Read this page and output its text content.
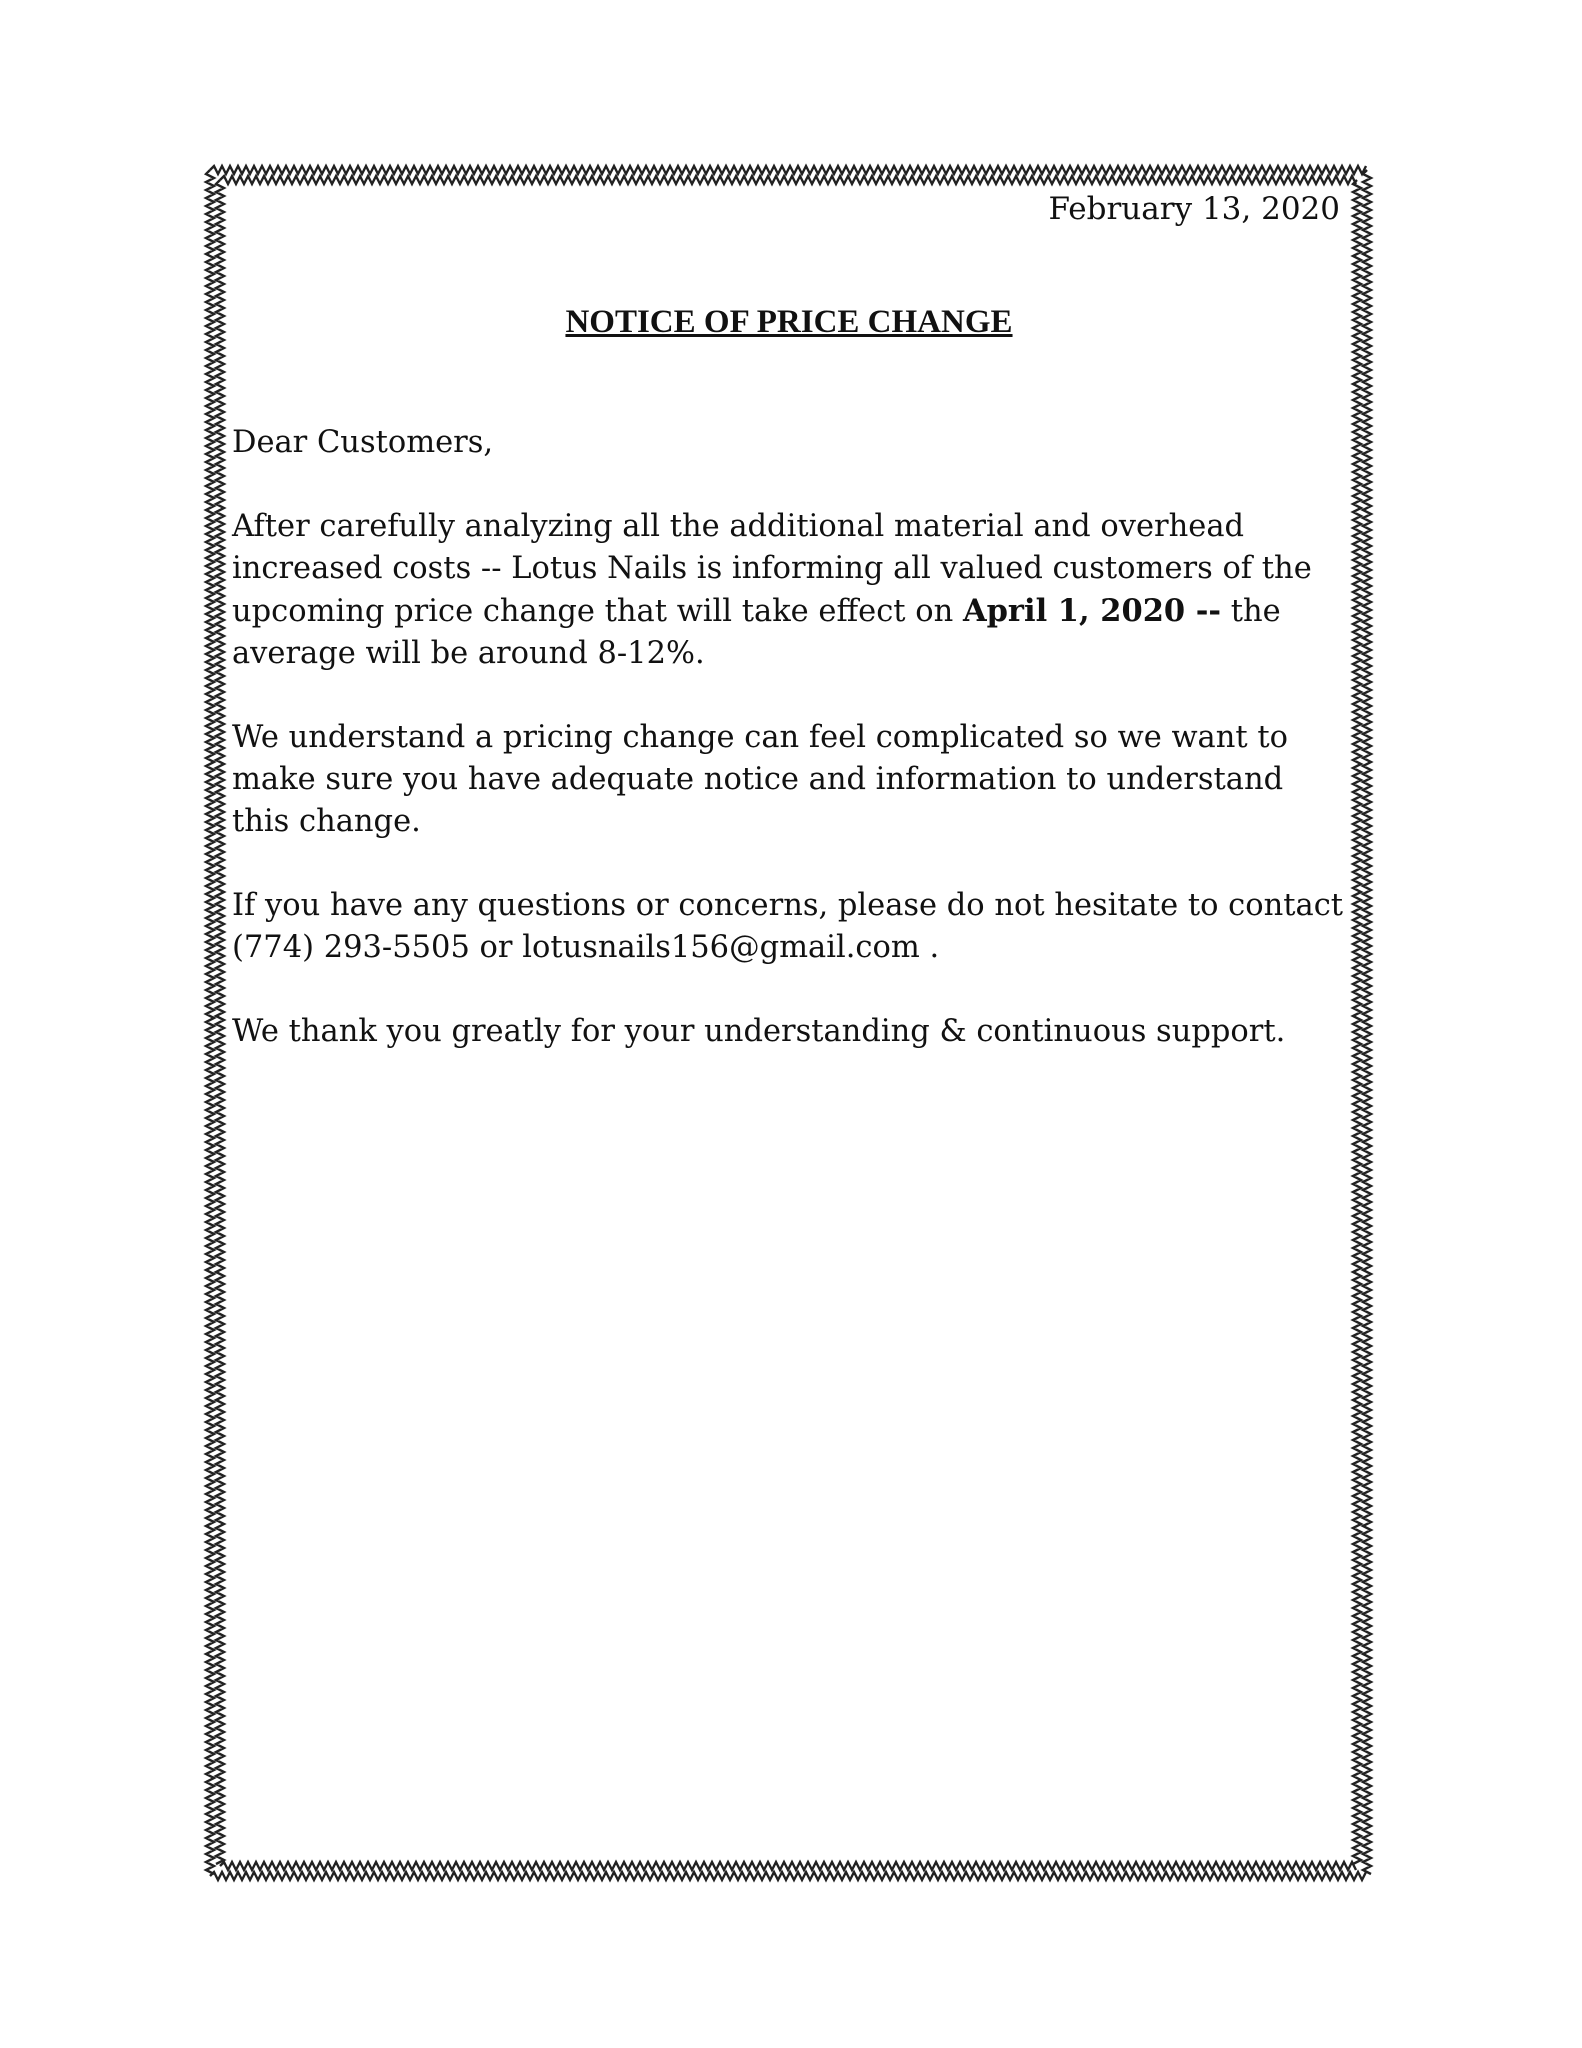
February 13, 2020
NOTICE OF PRICE CHANGE
Dear Customers,
After carefully analyzing all the additional material and overhead increased costs -- Lotus Nails is informing all valued customers of the upcoming price change that will take effect on April 1, 2020 -- the average will be around 8-12%.
We understand a pricing change can feel complicated so we want to make sure you have adequate notice and information to understand this change.
If you have any questions or concerns, please do not hesitate to contact (774) 293-5505 or lotusnails156@gmail.com .
We thank you greatly for your understanding & continuous support.
